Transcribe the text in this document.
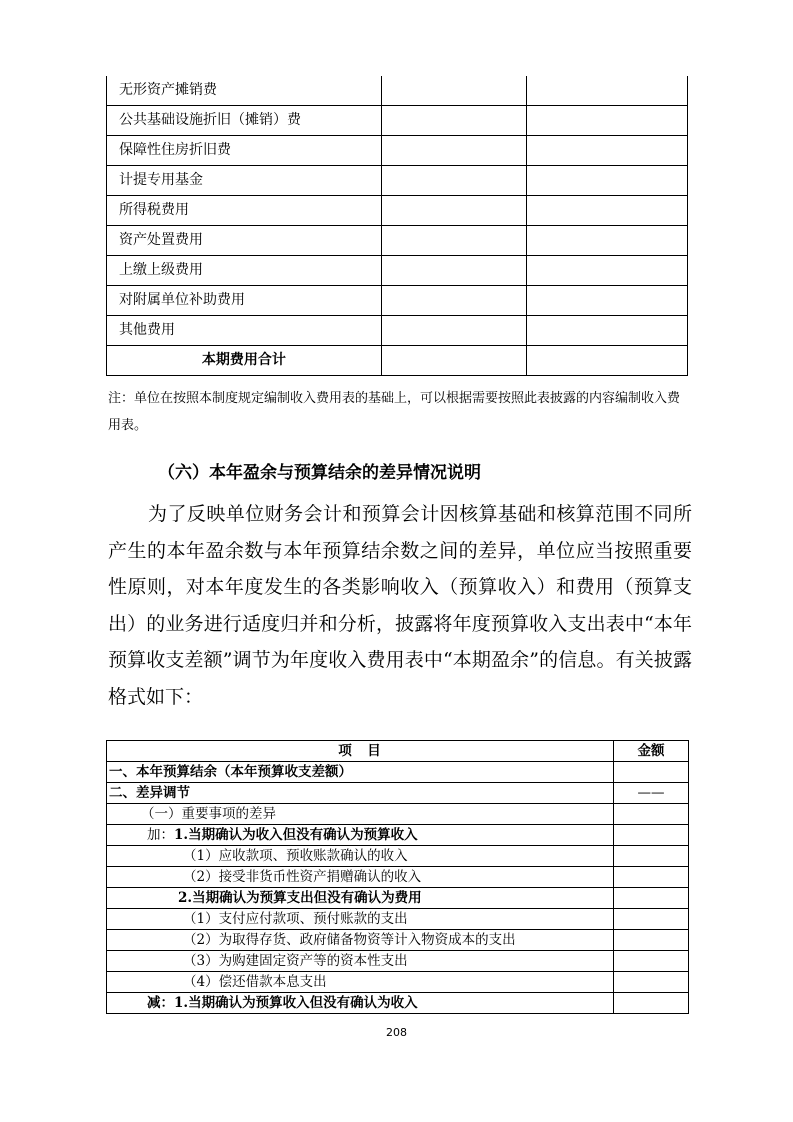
无形资产摊销费		
公共基础设施折旧（摊销）费		
保障性住房折旧费		
计提专用基金		
所得税费用		
资产处置费用		
上缴上级费用		
对附属单位补助费用		
其他费用		
本期费用合计		
注：单位在按照本制度规定编制收入费用表的基础上，可以根据需要按照此表披露的内容编制收入费用表。
（六）本年盈余与预算结余的差异情况说明
为了反映单位财务会计和预算会计因核算基础和核算范围不同所产生的本年盈余数与本年预算结余数之间的差异，单位应当按照重要性原则，对本年度发生的各类影响收入（预算收入）和费用（预算支出）的业务进行适度归并和分析，披露将年度预算收入支出表中“本年预算收支差额”调节为年度收入费用表中“本期盈余”的信息。有关披露格式如下：
项　目	金额
一、本年预算结余（本年预算收支差额）	
二、差异调节	——
（一）重要事项的差异	
加：1.当期确认为收入但没有确认为预算收入	
（1）应收款项、预收账款确认的收入	
（2）接受非货币性资产捐赠确认的收入	
2.当期确认为预算支出但没有确认为费用	
（1）支付应付款项、预付账款的支出	
（2）为取得存货、政府储备物资等计入物资成本的支出	
（3）为购建固定资产等的资本性支出	
（4）偿还借款本息支出	
减：1.当期确认为预算收入但没有确认为收入	
208
